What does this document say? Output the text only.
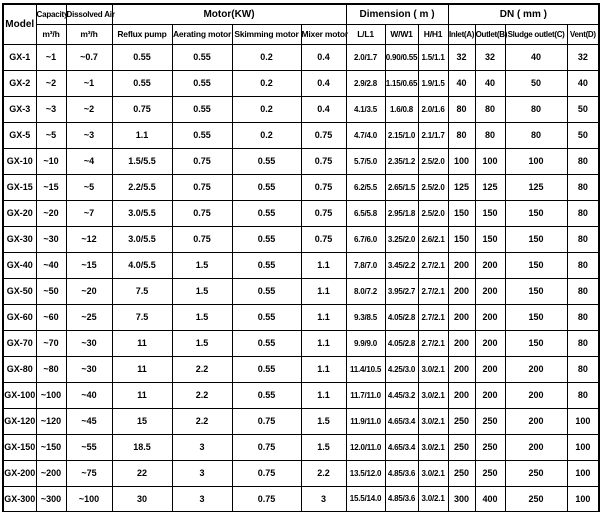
Model	Capacity	Dissolved Air	Motor(KW)				Dimension ( m )			DN ( mm )			
	m³/h	m³/h	Reflux pump	Aerating motor	Skimming motor	Mixer motor	L/L1	W/W1	H/H1	Inlet(A)	Outlet(B)	Sludge outlet(C)	Vent(D)
GX-1	~1	~0.7	0.55	0.55	0.2	0.4	2.0/1.7	0.90/0.55	1.5/1.1	32	32	40	32
GX-2	~2	~1	0.55	0.55	0.2	0.4	2.9/2.8	1.15/0.65	1.9/1.5	40	40	50	40
GX-3	~3	~2	0.75	0.55	0.2	0.4	4.1/3.5	1.6/0.8	2.0/1.6	80	80	80	50
GX-5	~5	~3	1.1	0.55	0.2	0.75	4.7/4.0	2.15/1.0	2.1/1.7	80	80	80	50
GX-10	~10	~4	1.5/5.5	0.75	0.55	0.75	5.7/5.0	2.35/1.2	2.5/2.0	100	100	100	80
GX-15	~15	~5	2.2/5.5	0.75	0.55	0.75	6.2/5.5	2.65/1.5	2.5/2.0	125	125	125	80
GX-20	~20	~7	3.0/5.5	0.75	0.55	0.75	6.5/5.8	2.95/1.8	2.5/2.0	150	150	150	80
GX-30	~30	~12	3.0/5.5	0.75	0.55	0.75	6.7/6.0	3.25/2.0	2.6/2.1	150	150	150	80
GX-40	~40	~15	4.0/5.5	1.5	0.55	1.1	7.8/7.0	3.45/2.2	2.7/2.1	200	200	150	80
GX-50	~50	~20	7.5	1.5	0.55	1.1	8.0/7.2	3.95/2.7	2.7/2.1	200	200	150	80
GX-60	~60	~25	7.5	1.5	0.55	1.1	9.3/8.5	4.05/2.8	2.7/2.1	200	200	150	80
GX-70	~70	~30	11	1.5	0.55	1.1	9.9/9.0	4.05/2.8	2.7/2.1	200	200	150	80
GX-80	~80	~30	11	2.2	0.55	1.1	11.4/10.5	4.25/3.0	3.0/2.1	200	200	200	80
GX-100	~100	~40	11	2.2	0.55	1.1	11.7/11.0	4.45/3.2	3.0/2.1	200	200	200	80
GX-120	~120	~45	15	2.2	0.75	1.5	11.9/11.0	4.65/3.4	3.0/2.1	250	250	200	100
GX-150	~150	~55	18.5	3	0.75	1.5	12.0/11.0	4.65/3.4	3.0/2.1	250	250	200	100
GX-200	~200	~75	22	3	0.75	2.2	13.5/12.0	4.85/3.6	3.0/2.1	250	250	250	100
GX-300	~300	~100	30	3	0.75	3	15.5/14.0	4.85/3.6	3.0/2.1	300	400	250	100
